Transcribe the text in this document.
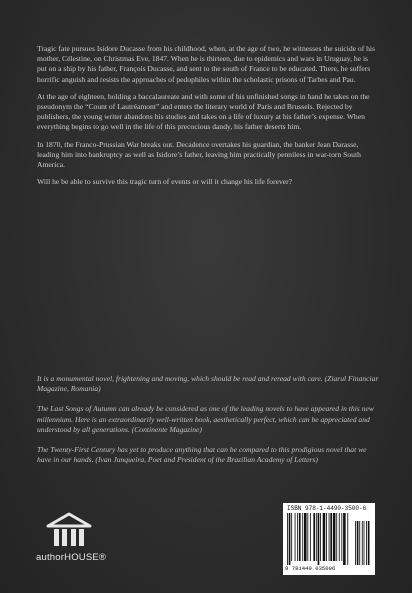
Tragic fate pursues Isidore Ducasse from his childhood, when, at the age of two, he witnesses the suicide of his mother, Célestine, on Christmas Eve, 1847. When he is thirteen, due to epidemics and wars in Uruguay, he is put on a ship by his father, François Ducasse, and sent to the south of France to be educated. There, he suffers horrific anguish and resists the approaches of pedophiles within the scholastic prisons of Tarbes and Pau.

At the age of eighteen, holding a baccalaureate and with some of his unfinished songs in hand he takes on the pseudonym the “Count of Lautréamont” and enters the literary world of Paris and Brussels. Rejected by publishers, the young writer abandons his studies and takes on a life of luxury at his father’s expense. When everything begins to go well in the life of this precocious dandy, his father deserts him.

In 1870, the Franco-Prussian War breaks out. Decadence overtakes his guardian, the banker Jean Darasse, leading him into bankruptcy as well as Isidore’s father, leaving him practically penniless in war-torn South America.

Will he be able to survive this tragic turn of events or will it change his life forever?

It is a monumental novel, frightening and moving, which should be read and reread with care. (Ziarul Financiar Magazine, Romania)

The Last Songs of Autumn can already be considered as one of the leading novels to have appeared in this new millennium. Here is an extraordinarily well-written book, aesthetically perfect, which can be appreciated and understood by all generations. (Continente Magazine)

The Twenty-First Century has yet to produce anything that can be compared to this prodigious novel that we have in our hands. (Ivan Junqueira, Poet and President of the Brazilian Academy of Letters)

authorHOUSE®
ISBN 978-1-4490-3500-6
9 781449 035006
